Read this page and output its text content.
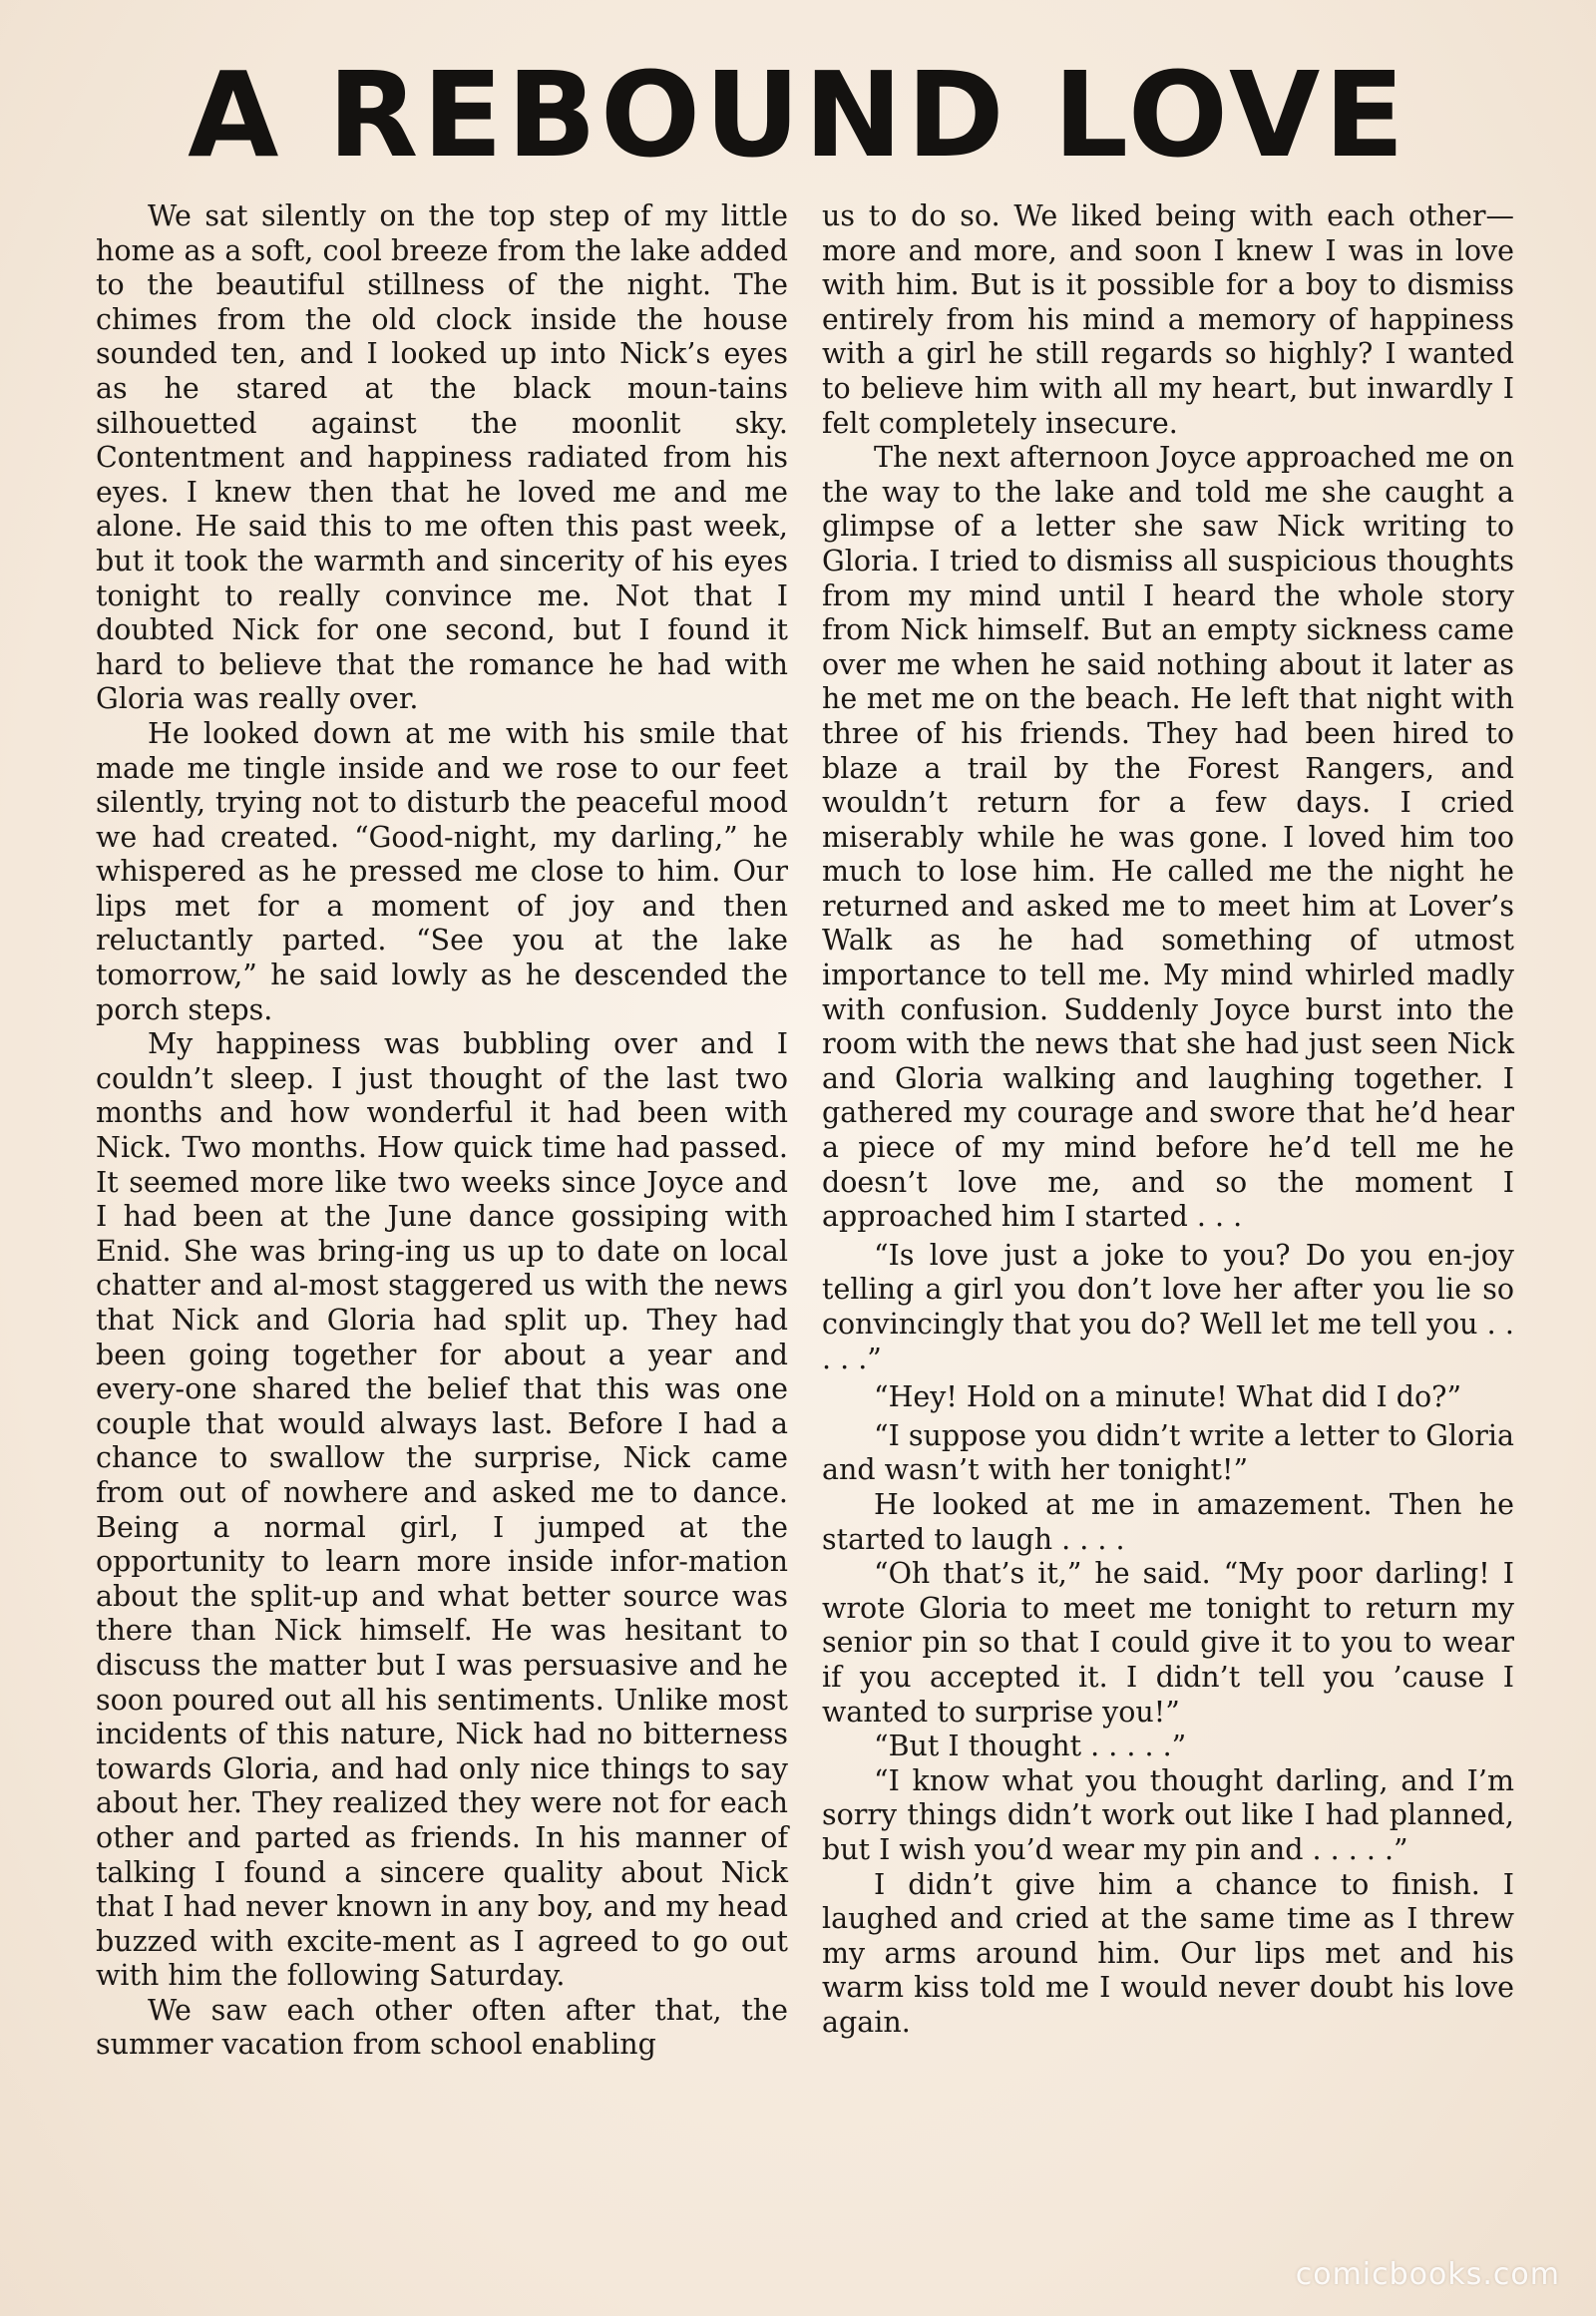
A REBOUND LOVE

We sat silently on the top step of my little home as a soft, cool breeze from the lake added to the beautiful stillness of the night. The chimes from the old clock inside the house sounded ten, and I looked up into Nick’s eyes as he stared at the black moun-tains silhouetted against the moonlit sky. Contentment and happiness radiated from his eyes. I knew then that he loved me and me alone. He said this to me often this past week, but it took the warmth and sincerity of his eyes tonight to really convince me. Not that I doubted Nick for one second, but I found it hard to believe that the romance he had with Gloria was really over.

He looked down at me with his smile that made me tingle inside and we rose to our feet silently, trying not to disturb the peaceful mood we had created. “Good-night, my darling,” he whispered as he pressed me close to him. Our lips met for a moment of joy and then reluctantly parted. “See you at the lake tomorrow,” he said lowly as he descended the porch steps.

My happiness was bubbling over and I couldn’t sleep. I just thought of the last two months and how wonderful it had been with Nick. Two months. How quick time had passed. It seemed more like two weeks since Joyce and I had been at the June dance gossiping with Enid. She was bring-ing us up to date on local chatter and al-most staggered us with the news that Nick and Gloria had split up. They had been going together for about a year and every-one shared the belief that this was one couple that would always last. Before I had a chance to swallow the surprise, Nick came from out of nowhere and asked me to dance. Being a normal girl, I jumped at the opportunity to learn more inside infor-mation about the split-up and what better source was there than Nick himself. He was hesitant to discuss the matter but I was persuasive and he soon poured out all his sentiments. Unlike most incidents of this nature, Nick had no bitterness towards Gloria, and had only nice things to say about her. They realized they were not for each other and parted as friends. In his manner of talking I found a sincere quality about Nick that I had never known in any boy, and my head buzzed with excite-ment as I agreed to go out with him the following Saturday.

We saw each other often after that, the summer vacation from school enabling

us to do so. We liked being with each other—more and more, and soon I knew I was in love with him. But is it possible for a boy to dismiss entirely from his mind a memory of happiness with a girl he still regards so highly? I wanted to believe him with all my heart, but inwardly I felt completely insecure.

The next afternoon Joyce approached me on the way to the lake and told me she caught a glimpse of a letter she saw Nick writing to Gloria. I tried to dismiss all suspicious thoughts from my mind until I heard the whole story from Nick himself. But an empty sickness came over me when he said nothing about it later as he met me on the beach. He left that night with three of his friends. They had been hired to blaze a trail by the Forest Rangers, and wouldn’t return for a few days. I cried miserably while he was gone. I loved him too much to lose him. He called me the night he returned and asked me to meet him at Lover’s Walk as he had something of utmost importance to tell me. My mind whirled madly with confusion. Suddenly Joyce burst into the room with the news that she had just seen Nick and Gloria walking and laughing together. I gathered my courage and swore that he’d hear a piece of my mind before he’d tell me he doesn’t love me, and so the moment I approached him I started . . .

“Is love just a joke to you? Do you en-joy telling a girl you don’t love her after you lie so convincingly that you do? Well let me tell you . . . . .”

“Hey! Hold on a minute! What did I do?”

“I suppose you didn’t write a letter to Gloria and wasn’t with her tonight!”

He looked at me in amazement. Then he started to laugh . . . .

“Oh that’s it,” he said. “My poor darling! I wrote Gloria to meet me tonight to return my senior pin so that I could give it to you to wear if you accepted it. I didn’t tell you ’cause I wanted to surprise you!”

“But I thought . . . . .”

“I know what you thought darling, and I’m sorry things didn’t work out like I had planned, but I wish you’d wear my pin and . . . . .”

I didn’t give him a chance to finish. I laughed and cried at the same time as I threw my arms around him. Our lips met and his warm kiss told me I would never doubt his love again.

comicbooks.com
